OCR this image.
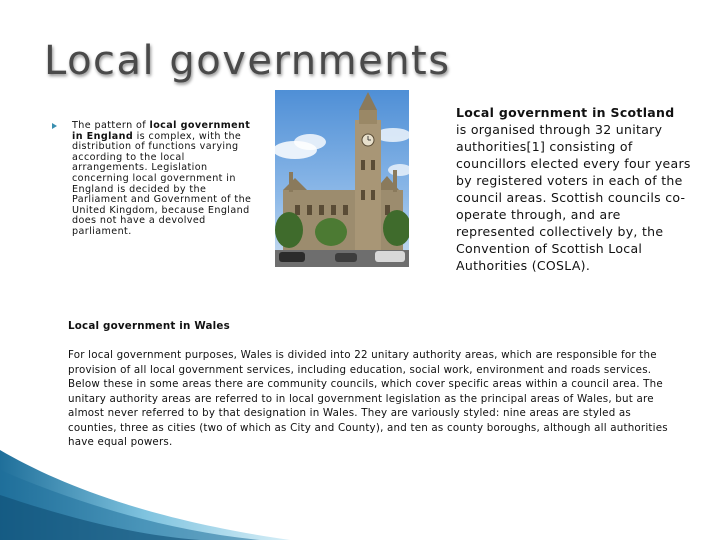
Local governments
The pattern of local government in England is complex, with the distribution of functions varying according to the local arrangements. Legislation concerning local government in England is decided by the Parliament and Government of the United Kingdom, because England does not have a devolved parliament.
Local government in Scotland
is organised through 32 unitary authorities[1] consisting of councillors elected every four years by registered voters in each of the council areas. Scottish councils co-operate through, and are represented collectively by, the Convention of Scottish Local Authorities (COSLA).
Local government in Wales
For local government purposes, Wales is divided into 22 unitary authority areas, which are responsible for the provision of all local government services, including education, social work, environment and roads services. Below these in some areas there are community councils, which cover specific areas within a council area. The unitary authority areas are referred to in local government legislation as the principal areas of Wales, but are almost never referred to by that designation in Wales. They are variously styled: nine areas are styled as counties, three as cities (two of which as City and County), and ten as county boroughs, although all authorities have equal powers.
